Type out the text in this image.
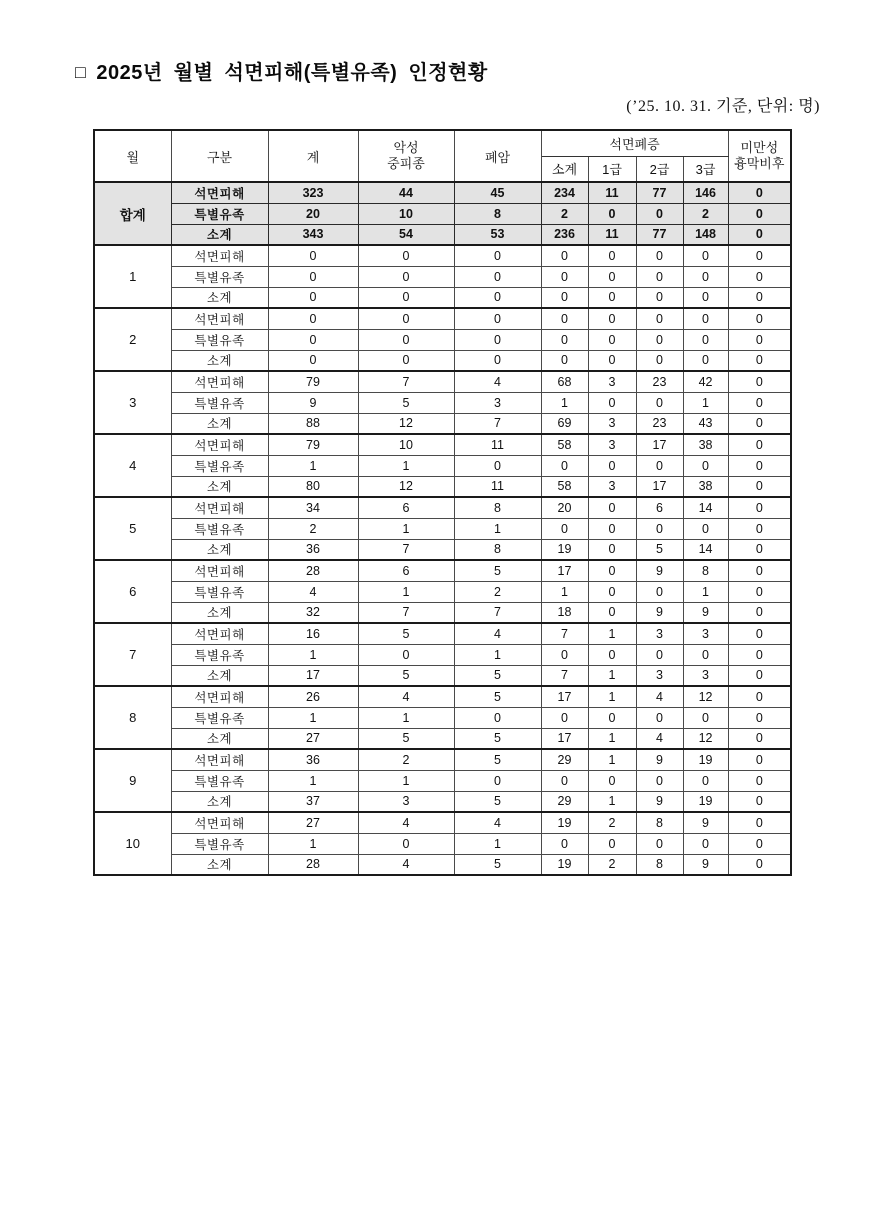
□ 2025년 월별 석면피해(특별유족) 인정현황
(’25. 10. 31. 기준, 단위: 명)
월	구분	계	악성
중피종	폐암	석면폐증				미만성
흉막비후
					소계	1급	2급	3급	
합계	석면피해	323	44	45	234	11	77	146	0
	특별유족	20	10	8	2	0	0	2	0
	소계	343	54	53	236	11	77	148	0
1	석면피해	0	0	0	0	0	0	0	0
	특별유족	0	0	0	0	0	0	0	0
	소계	0	0	0	0	0	0	0	0
2	석면피해	0	0	0	0	0	0	0	0
	특별유족	0	0	0	0	0	0	0	0
	소계	0	0	0	0	0	0	0	0
3	석면피해	79	7	4	68	3	23	42	0
	특별유족	9	5	3	1	0	0	1	0
	소계	88	12	7	69	3	23	43	0
4	석면피해	79	10	11	58	3	17	38	0
	특별유족	1	1	0	0	0	0	0	0
	소계	80	12	11	58	3	17	38	0
5	석면피해	34	6	8	20	0	6	14	0
	특별유족	2	1	1	0	0	0	0	0
	소계	36	7	8	19	0	5	14	0
6	석면피해	28	6	5	17	0	9	8	0
	특별유족	4	1	2	1	0	0	1	0
	소계	32	7	7	18	0	9	9	0
7	석면피해	16	5	4	7	1	3	3	0
	특별유족	1	0	1	0	0	0	0	0
	소계	17	5	5	7	1	3	3	0
8	석면피해	26	4	5	17	1	4	12	0
	특별유족	1	1	0	0	0	0	0	0
	소계	27	5	5	17	1	4	12	0
9	석면피해	36	2	5	29	1	9	19	0
	특별유족	1	1	0	0	0	0	0	0
	소계	37	3	5	29	1	9	19	0
10	석면피해	27	4	4	19	2	8	9	0
	특별유족	1	0	1	0	0	0	0	0
	소계	28	4	5	19	2	8	9	0
